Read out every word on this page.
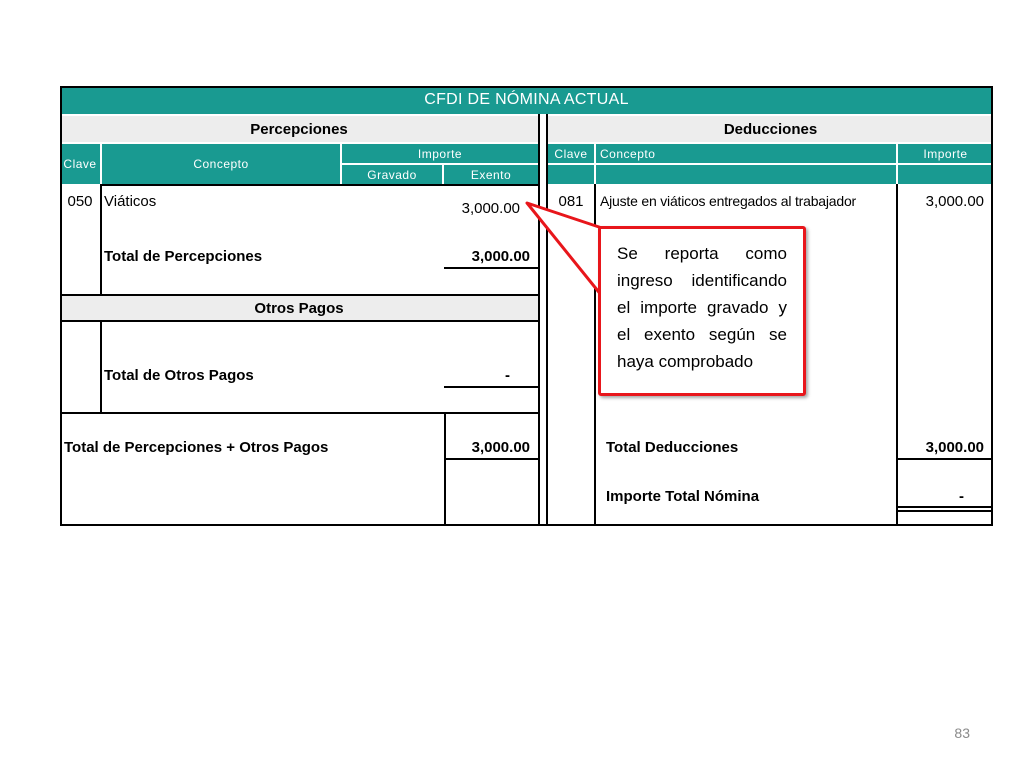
CFDI DE NÓMINA ACTUAL
Percepciones	Deducciones
Clave	Concepto
Importe
Gravado	Exento
Clave	Concepto	Importe
050 Viáticos	3,000.00
Total de Percepciones	3,000.00
Otros Pagos
Total de Otros Pagos	-
Total de Percepciones + Otros Pagos	3,000.00
081	Ajuste en viáticos entregados al trabajador	3,000.00
Total Deducciones	3,000.00
Importe Total Nómina	-
Se reporta como
ingreso identificando
el importe gravado y
el exento según se
haya comprobado
83
